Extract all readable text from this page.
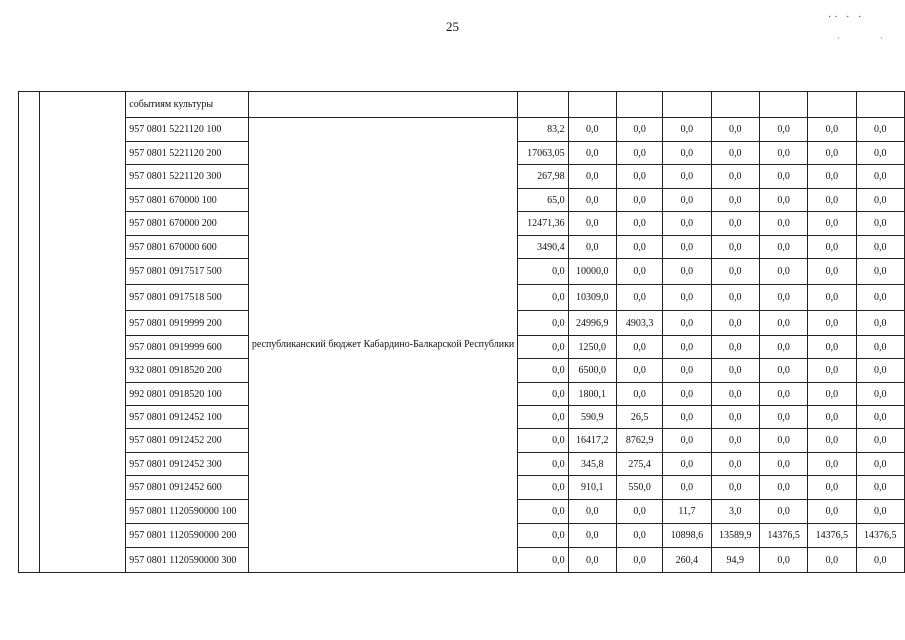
25
·· · ·
·	·
		событиям культуры									
		957 0801 5221120 100	республиканский бюджет Кабардино-Балкарской Республики	83,2	0,0	0,0	0,0	0,0	0,0	0,0	0,0
		957 0801 5221120 200		17063,05	0,0	0,0	0,0	0,0	0,0	0,0	0,0
		957 0801 5221120 300		267,98	0,0	0,0	0,0	0,0	0,0	0,0	0,0
		957 0801 670000 100		65,0	0,0	0,0	0,0	0,0	0,0	0,0	0,0
		957 0801 670000 200		12471,36	0,0	0,0	0,0	0,0	0,0	0,0	0,0
		957 0801 670000 600		3490,4	0,0	0,0	0,0	0,0	0,0	0,0	0,0
		957 0801 0917517 500		0,0	10000,0	0,0	0,0	0,0	0,0	0,0	0,0
		957 0801 0917518 500		0,0	10309,0	0,0	0,0	0,0	0,0	0,0	0,0
		957 0801 0919999 200		0,0	24996,9	4903,3	0,0	0,0	0,0	0,0	0,0
		957 0801 0919999 600		0,0	1250,0	0,0	0,0	0,0	0,0	0,0	0,0
		932 0801 0918520 200		0,0	6500,0	0,0	0,0	0,0	0,0	0,0	0,0
		992 0801 0918520 100		0,0	1800,1	0,0	0,0	0,0	0,0	0,0	0,0
		957 0801 0912452 100		0,0	590,9	26,5	0,0	0,0	0,0	0,0	0,0
		957 0801 0912452 200		0,0	16417,2	8762,9	0,0	0,0	0,0	0,0	0,0
		957 0801 0912452 300		0,0	345,8	275,4	0,0	0,0	0,0	0,0	0,0
		957 0801 0912452 600		0,0	910,1	550,0	0,0	0,0	0,0	0,0	0,0
		957 0801 1120590000 100		0,0	0,0	0,0	11,7	3,0	0,0	0,0	0,0
		957 0801 1120590000 200		0,0	0,0	0,0	10898,6	13589,9	14376,5	14376,5	14376,5
		957 0801 1120590000 300		0,0	0,0	0,0	260,4	94,9	0,0	0,0	0,0
